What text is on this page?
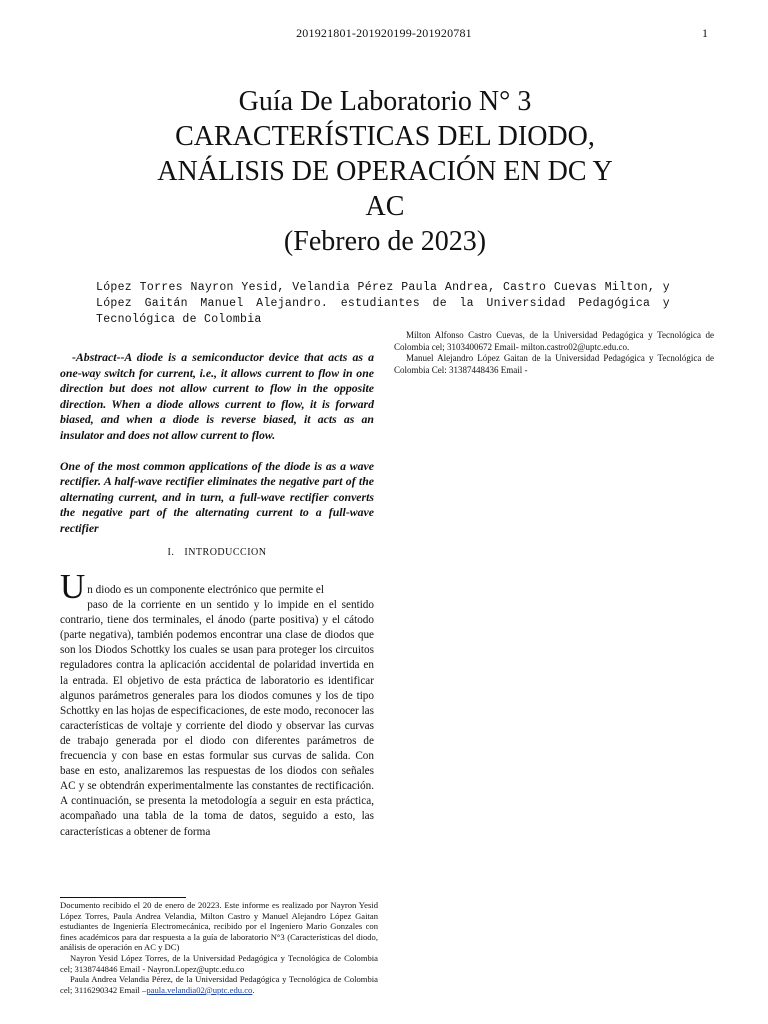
201921801-201920199-201920781	1
Guía De Laboratorio N° 3
CARACTERÍSTICAS DEL DIODO,
ANÁLISIS DE OPERACIÓN EN DC Y
AC
(Febrero de 2023)
López Torres Nayron Yesid, Velandia Pérez Paula Andrea, Castro Cuevas Milton, y López Gaitán Manuel Alejandro. estudiantes de la Universidad Pedagógica y Tecnológica de Colombia

Milton Alfonso Castro Cuevas, de la Universidad Pedagógica y Tecnológica de Colombia cel; 3103400672 Email- milton.castro02@uptc.edu.co.

Manuel Alejandro López Gaitan de la Universidad Pedagógica y Tecnológica de Colombia Cel: 31387448436 Email -

-Abstract--A diode is a semiconductor device that acts as a one-way switch for current, i.e., it allows current to flow in one direction but does not allow current to flow in the opposite direction. When a diode allows current to flow, it is forward biased, and when a diode is reverse biased, it acts as an insulator and does not allow current to flow.

One of the most common applications of the diode is as a wave rectifier. A half-wave rectifier eliminates the negative part of the alternating current, and in turn, a full-wave rectifier converts the negative part of the alternating current to a full-wave rectifier

I. INTRODUCCION
U n diodo es un componente electrónico que permite el
paso de la corriente en un sentido y lo impide en el sentido contrario, tiene dos terminales, el ánodo (parte positiva) y el cátodo (parte negativa), también podemos encontrar una clase de diodos que son los Diodos Schottky los cuales se usan para proteger los circuitos reguladores contra la aplicación accidental de polaridad invertida en la entrada. El objetivo de esta práctica de laboratorio es identificar algunos parámetros generales para los diodos comunes y los de tipo Schottky en las hojas de especificaciones, de este modo, reconocer las características de voltaje y corriente del diodo y observar las curvas de trabajo generada por el diodo con diferentes parámetros de frecuencia y con base en estas formular sus curvas de salida. Con base en esto, analizaremos las respuestas de los diodos con señales AC y se obtendrán experimentalmente las constantes de rectificación. A continuación, se presenta la metodología a seguir en esta práctica, acompañado una tabla de la toma de datos, seguido a esto, las características a obtener de forma

Documento recibido el 20 de enero de 20223. Este informe es realizado por Nayron Yesid López Torres, Paula Andrea Velandia, Milton Castro y Manuel Alejandro López Gaitan estudiantes de Ingeniería Electromecánica, recibido por el Ingeniero Mario Gonzales con fines académicos para dar respuesta a la guía de laboratorio N°3 (Características del diodo, análisis de operación en AC y DC)

Nayron Yesid López Torres, de la Universidad Pedagógica y Tecnológica de Colombia cel; 3138744846 Email - Nayron.Lopez@uptc.edu.co

Paula Andrea Velandia Pérez, de la Universidad Pedagógica y Tecnológica de Colombia cel; 3116290342 Email –paula.velandia02@uptc.edu.co.
